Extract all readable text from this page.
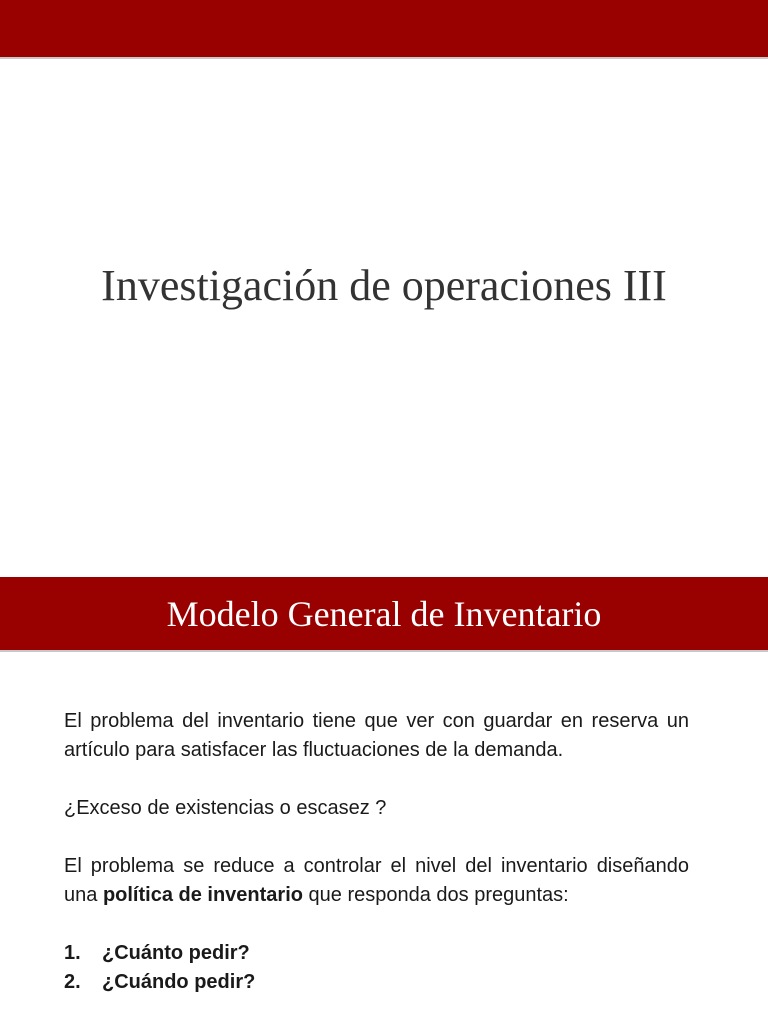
Investigación de operaciones III
Modelo General de Inventario

El problema del inventario tiene que ver con guardar en reserva un artículo para satisfacer las fluctuaciones de la demanda.

¿Exceso de existencias o escasez ?

El problema se reduce a controlar el nivel del inventario diseñando una política de inventario que responda dos preguntas:

1.	¿Cuánto pedir?
2.	¿Cuándo pedir?
